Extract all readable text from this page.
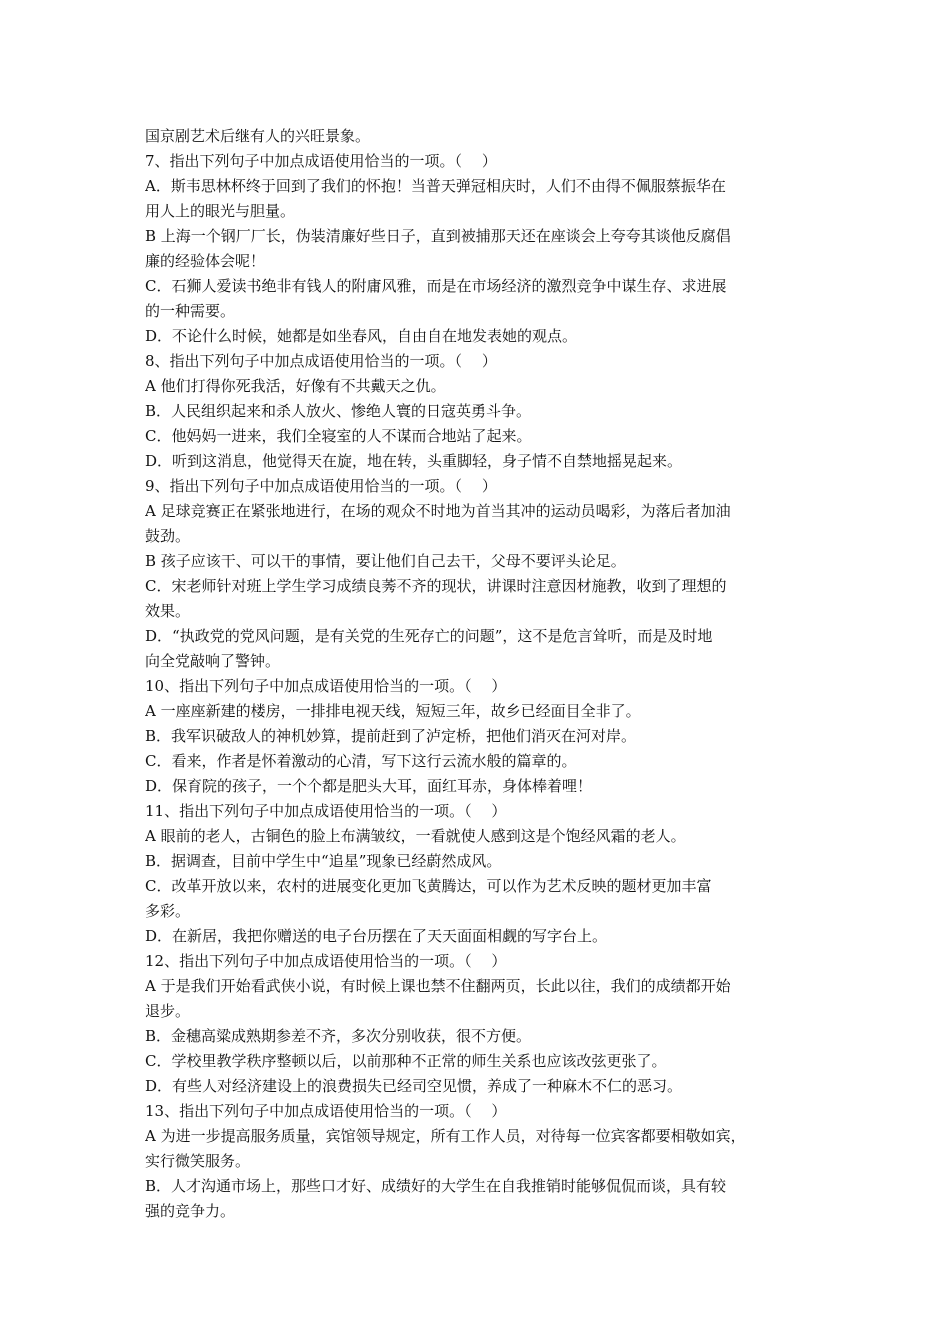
国京剧艺术后继有人的兴旺景象。
7、指出下列句子中加点成语使用恰当的一项。（　 ）
A．斯韦思林杯终于回到了我们的怀抱！当普天弹冠相庆时，人们不由得不佩服蔡振华在
用人上的眼光与胆量。
B 上海一个钢厂厂长，伪装清廉好些日子，直到被捕那天还在座谈会上夸夸其谈他反腐倡
廉的经验体会呢！
C．石狮人爱读书绝非有钱人的附庸风雅，而是在市场经济的激烈竞争中谋生存、求进展
的一种需要。
D．不论什么时候，她都是如坐春风，自由自在地发表她的观点。
8、指出下列句子中加点成语使用恰当的一项。（　 ）
A 他们打得你死我活，好像有不共戴天之仇。
B．人民组织起来和杀人放火、惨绝人寰的日寇英勇斗争。
C．他妈妈一进来，我们全寝室的人不谋而合地站了起来。
D．听到这消息，他觉得天在旋，地在转，头重脚轻，身子情不自禁地摇晃起来。
9、指出下列句子中加点成语使用恰当的一项。（　 ）
A 足球竞赛正在紧张地进行，在场的观众不时地为首当其冲的运动员喝彩，为落后者加油
鼓劲。
B 孩子应该干、可以干的事情，要让他们自己去干，父母不要评头论足。
C．宋老师针对班上学生学习成绩良莠不齐的现状，讲课时注意因材施教，收到了理想的
效果。
D．“执政党的党风问题，是有关党的生死存亡的问题”，这不是危言耸听，而是及时地
向全党敲响了警钟。
10、指出下列句子中加点成语使用恰当的一项。（　 ）
A 一座座新建的楼房，一排排电视天线，短短三年，故乡已经面目全非了。
B．我军识破敌人的神机妙算，提前赶到了泸定桥，把他们消灭在河对岸。
C．看来，作者是怀着激动的心清，写下这行云流水般的篇章的。
D．保育院的孩子，一个个都是肥头大耳，面红耳赤，身体棒着哩！
11、指出下列句子中加点成语使用恰当的一项。（　 ）
A 眼前的老人，古铜色的脸上布满皱纹，一看就使人感到这是个饱经风霜的老人。
B．据调查，目前中学生中“追星”现象已经蔚然成风。
C．改革开放以来，农村的进展变化更加飞黄腾达，可以作为艺术反映的题材更加丰富
多彩。
D．在新居，我把你赠送的电子台历摆在了天天面面相觑的写字台上。
12、指出下列句子中加点成语使用恰当的一项。（　 ）
A 于是我们开始看武侠小说，有时候上课也禁不住翻两页，长此以往，我们的成绩都开始
退步。
B．金穗高粱成熟期参差不齐，多次分别收获，很不方便。
C．学校里教学秩序整顿以后，以前那种不正常的师生关系也应该改弦更张了。
D．有些人对经济建设上的浪费损失已经司空见惯，养成了一种麻木不仁的恶习。
13、指出下列句子中加点成语使用恰当的一项。（　 ）
A 为进一步提高服务质量，宾馆领导规定，所有工作人员，对待每一位宾客都要相敬如宾，
实行微笑服务。
B．人才沟通市场上，那些口才好、成绩好的大学生在自我推销时能够侃侃而谈，具有较
强的竞争力。
